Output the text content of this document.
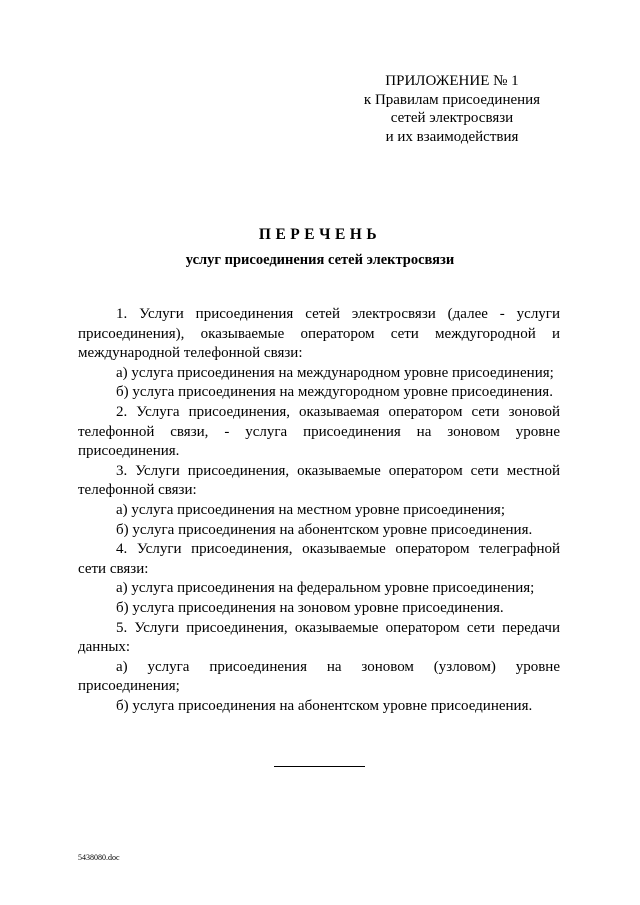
ПРИЛОЖЕНИЕ № 1
к Правилам присоединения
сетей электросвязи
и их взаимодействия
ПЕРЕЧЕНЬ
услуг присоединения сетей электросвязи

1. Услуги присоединения сетей электросвязи (далее - услуги присоединения), оказываемые оператором сети междугородной и международной телефонной связи:

а) услуга присоединения на международном уровне присоединения;

б) услуга присоединения на междугородном уровне присоединения.

2. Услуга присоединения, оказываемая оператором сети зоновой телефонной связи, - услуга присоединения на зоновом уровне присоединения.

3. Услуги присоединения, оказываемые оператором сети местной телефонной связи:

а) услуга присоединения на местном уровне присоединения;

б) услуга присоединения на абонентском уровне присоединения.

4. Услуги присоединения, оказываемые оператором телеграфной сети связи:

а) услуга присоединения на федеральном уровне присоединения;

б) услуга присоединения на зоновом уровне присоединения.

5. Услуги присоединения, оказываемые оператором сети передачи данных:

а) услуга присоединения на зоновом (узловом) уровне присоединения;

б) услуга присоединения на абонентском уровне присоединения.

5438080.doc
